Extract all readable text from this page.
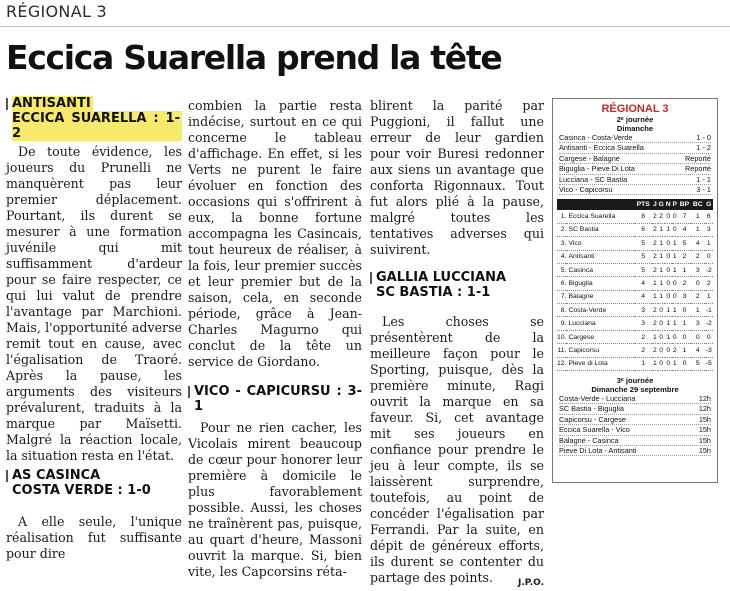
RÉGIONAL 3
Eccica Suarella prend la tête
ANTISANTI
ECCICA SUARELLA : 1-2

De toute évidence, les joueurs du Prunelli ne manquèrent pas leur premier déplacement. Pourtant, ils durent se mesurer à une formation juvénile qui mit suffisamment d'ardeur pour se faire respecter, ce qui lui valut de prendre l'avantage par Marchioni. Mais, l'opportunité adverse remit tout en cause, avec l'égalisation de Traoré. Après la pause, les arguments des visiteurs prévalurent, traduits à la marque par Maïsetti. Malgré la réaction locale, la situation resta en l'état.

AS CASINCA
COSTA VERDE : 1-0

A elle seule, l'unique réalisation fut suffisante pour dire

combien la partie resta indécise, surtout en ce qui concerne le tableau d'affichage. En effet, si les Verts ne purent le faire évoluer en fonction des occasions qui s'offrirent à eux, la bonne fortune accompagna les Casincais, tout heureux de réaliser, à la fois, leur premier succès et leur premier but de la saison, cela, en seconde période, grâce à Jean-Charles Magurno qui conclut de la tête un service de Giordano.

VICO - CAPICURSU : 3-1

Pour ne rien cacher, les Vicolais mirent beaucoup de cœur pour honorer leur première à domicile le plus favorablement possible. Aussi, les choses ne traînèrent pas, puisque, au quart d'heure, Massoni ouvrit la marque. Si, bien vite, les Capcorsins réta-

blirent la parité par Puggioni, il fallut une erreur de leur gardien pour voir Buresi redonner aux siens un avantage que conforta Rigonnaux. Tout fut alors plié à la pause, malgré toutes les tentatives adverses qui suivirent.

GALLIA LUCCIANA
SC BASTIA : 1-1

Les choses se présentèrent de la meilleure façon pour le Sporting, puisque, dès la première minute, Ragi ouvrit la marque en sa faveur. Si, cet avantage mit ses joueurs en confiance pour prendre le jeu à leur compte, ils se laissèrent surprendre, toutefois, au point de concéder l'égalisation par Ferrandi. Par la suite, en dépit de généreux efforts, ils durent se contenter du partage des points.	J.P.O.
RÉGIONAL 3
2ᵉ journée
Dimanche
Casinca - Costa-Verde	1 - 0
Antisanti - Eccica Suarella	1 - 2
Cargese - Balagne	Reporté
Biguglia - Pieve Di Lota	Reporté
Lucciana - SC Bastia	1 - 1
Vico - Capicorsu	3 - 1
		PTS	J	G	N	P	BP	BC	G
1.	Eccica Suarella	8	2	2	0	0	7	1	6
2.	SC Bastia	6	2	1	1	0	4	1	3
3.	Vico	5	2	1	0	1	5	4	1
4.	Antisanti	5	2	1	0	1	2	2	0
5.	Casinca	5	2	1	0	1	1	3	-2
6.	Biguglia	4	1	1	0	0	2	0	2
7.	Balagne	4	1	1	0	0	3	2	1
8.	Costa-Verde	3	2	0	1	1	0	1	-1
9.	Lucciana	3	2	0	1	1	1	3	-2
10.	Cargese	2	1	0	1	0	0	0	0
11.	Capicorsu	2	2	0	0	2	1	4	-3
12.	Pieve di Lota	1	1	0	0	1	0	5	-5
3ᵉ journée
Dimanche 29 septembre
Costa-Verde - Lucciana	12h
SC Bastia - Biguglia	12h
Capicorsu - Cargese	15h
Eccica Suarella - Vico	15h
Balagne - Casinca	15h
Pieve Di Lota - Antisanti	15h
